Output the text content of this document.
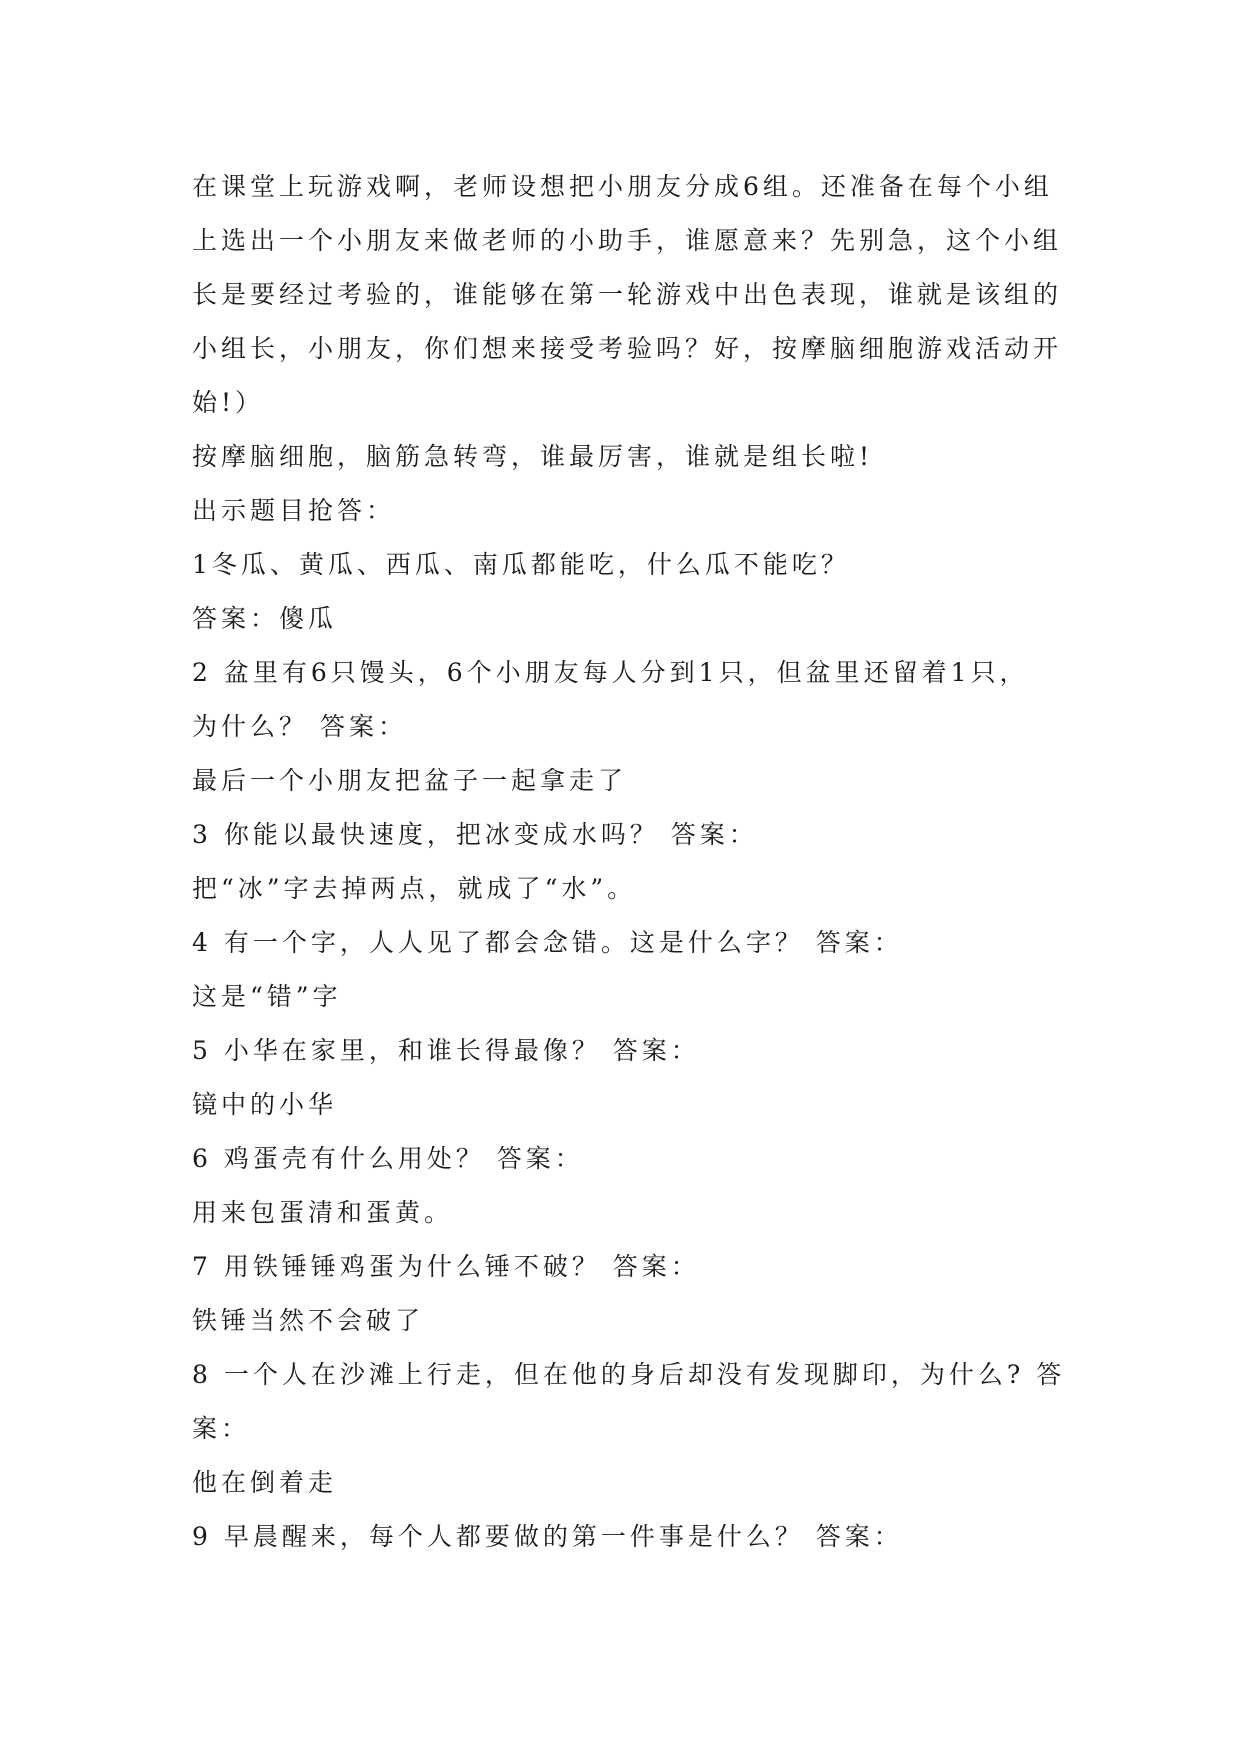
在课堂上玩游戏啊，老师设想把小朋友分成6组。还准备在每个小组
上选出一个小朋友来做老师的小助手，谁愿意来？先别急，这个小组
长是要经过考验的，谁能够在第一轮游戏中出色表现，谁就是该组的
小组长，小朋友，你们想来接受考验吗？好，按摩脑细胞游戏活动开
始!）
按摩脑细胞，脑筋急转弯，谁最厉害，谁就是组长啦!
出示题目抢答：
1冬瓜、黄瓜、西瓜、南瓜都能吃，什么瓜不能吃？
答案：傻瓜
2 盆里有6只馒头，6个小朋友每人分到1只，但盆里还留着1只，
为什么？ 答案：
最后一个小朋友把盆子一起拿走了
3 你能以最快速度，把冰变成水吗？ 答案：
把“冰”字去掉两点，就成了“水”。
4 有一个字，人人见了都会念错。这是什么字？ 答案：
这是“错”字
5 小华在家里，和谁长得最像？ 答案：
镜中的小华
6 鸡蛋壳有什么用处？ 答案：
用来包蛋清和蛋黄。
7 用铁锤锤鸡蛋为什么锤不破？ 答案：
铁锤当然不会破了
8 一个人在沙滩上行走，但在他的身后却没有发现脚印，为什么? 答
案：
他在倒着走
9 早晨醒来，每个人都要做的第一件事是什么？ 答案：
